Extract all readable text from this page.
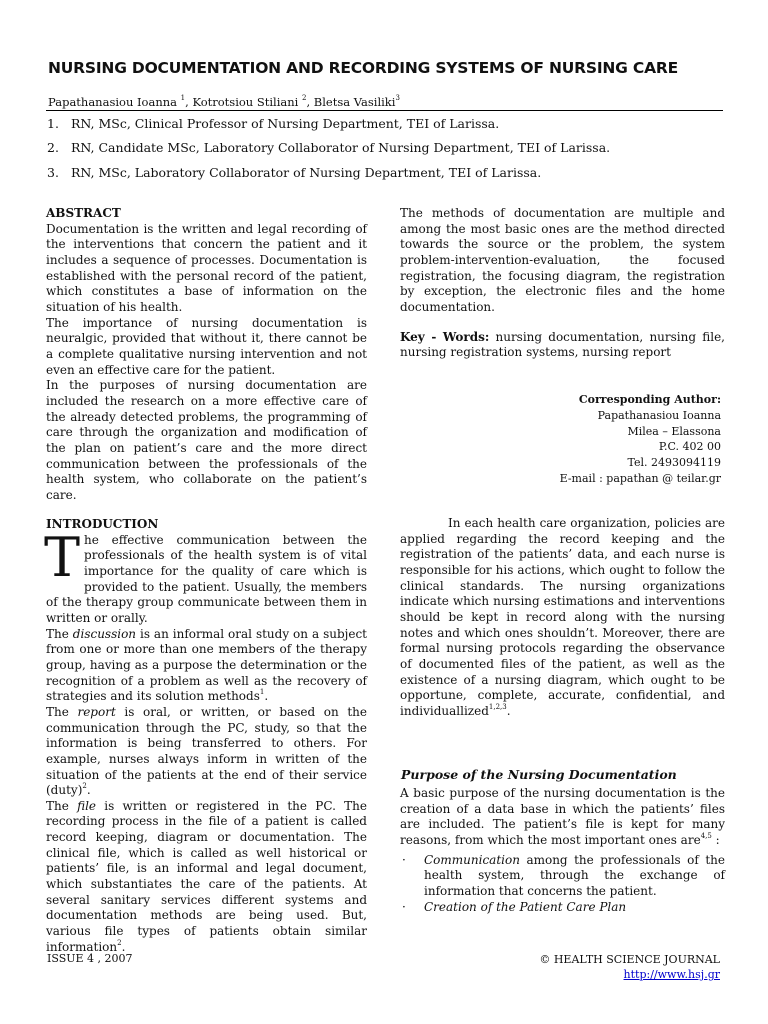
NURSING DOCUMENTATION AND RECORDING SYSTEMS OF NURSING CARE
Papathanasiou Ioanna $^1$, Kotrotsiou Stiliani $^2$, Bletsa Vasiliki$^3$
1. RN, MSc, Clinical Professor of Nursing Department, TEI of Larissa.
2. RN, Candidate MSc, Laboratory Collaborator of Nursing Department, TEI of Larissa.
3. RN, MSc, Laboratory Collaborator of Nursing Department, TEI of Larissa.
ABSTRACT

Documentation is the written and legal recording of the interventions that concern the patient and it includes a sequence of processes. Documentation is established with the personal record of the patient, which constitutes a base of information on the situation of his health.

The importance of nursing documentation is neuralgic, provided that without it, there cannot be a complete qualitative nursing intervention and not even an effective care for the patient.

In the purposes of nursing documentation are included the research on a more effective care of the already detected problems, the programming of care through the organization and modification of the plan on patient’s care and the more direct communication between the professionals of the health system, who collaborate on the patient’s care.

The methods of documentation are multiple and among the most basic ones are the method directed towards the source or the problem, the system problem-intervention-evaluation, the focused registration, the focusing diagram, the registration by exception, the electronic files and the home documentation.

Key - Words: nursing documentation, nursing file, nursing registration systems, nursing report

Corresponding Author:
Papathanasiou Ioanna
Milea – Elassona
P.C. 402 00
Tel. 2493094119
E-mail : papathan @ teilar.gr
INTRODUCTION

The effective communication between the professionals of the health system is of vital importance for the quality of care which is provided to the patient. Usually, the members of the therapy group communicate between them in written or orally.

The discussion is an informal oral study on a subject from one or more than one members of the therapy group, having as a purpose the determination or the recognition of a problem as well as the recovery of strategies and its solution methods$^1$.

The report is oral, or written, or based on the communication through the PC, study, so that the information is being transferred to others. For example, nurses always inform in written of the situation of the patients at the end of their service (duty)$^2$.

The file is written or registered in the PC. The recording process in the file of a patient is called record keeping, diagram or documentation. The clinical file, which is called as well historical or patients’ file, is an informal and legal document, which substantiates the care of the patients. At several sanitary services different systems and documentation methods are being used. But, various file types of patients obtain similar information$^2$.

In each health care organization, policies are applied regarding the record keeping and the registration of the patients’ data, and each nurse is responsible for his actions, which ought to follow the clinical standards. The nursing organizations indicate which nursing estimations and interventions should be kept in record along with the nursing notes and which ones shouldn’t. Moreover, there are formal nursing protocols regarding the observance of documented files of the patient, as well as the existence of a nursing diagram, which ought to be opportune, complete, accurate, confidential, and individuallized$^{1,2,3}$.

Purpose of the Nursing Documentation

A basic purpose of the nursing documentation is the creation of a data base in which the patients’ files are included. The patient’s file is kept for many reasons, from which the most important ones are$^{4,5}$ :

· Communication among the professionals of the health system, through the exchange of information that concerns the patient.
· Creation of the Patient Care Plan
ISSUE 4 , 2007	© HEALTH SCIENCE JOURNAL
http://www.hsj.gr
